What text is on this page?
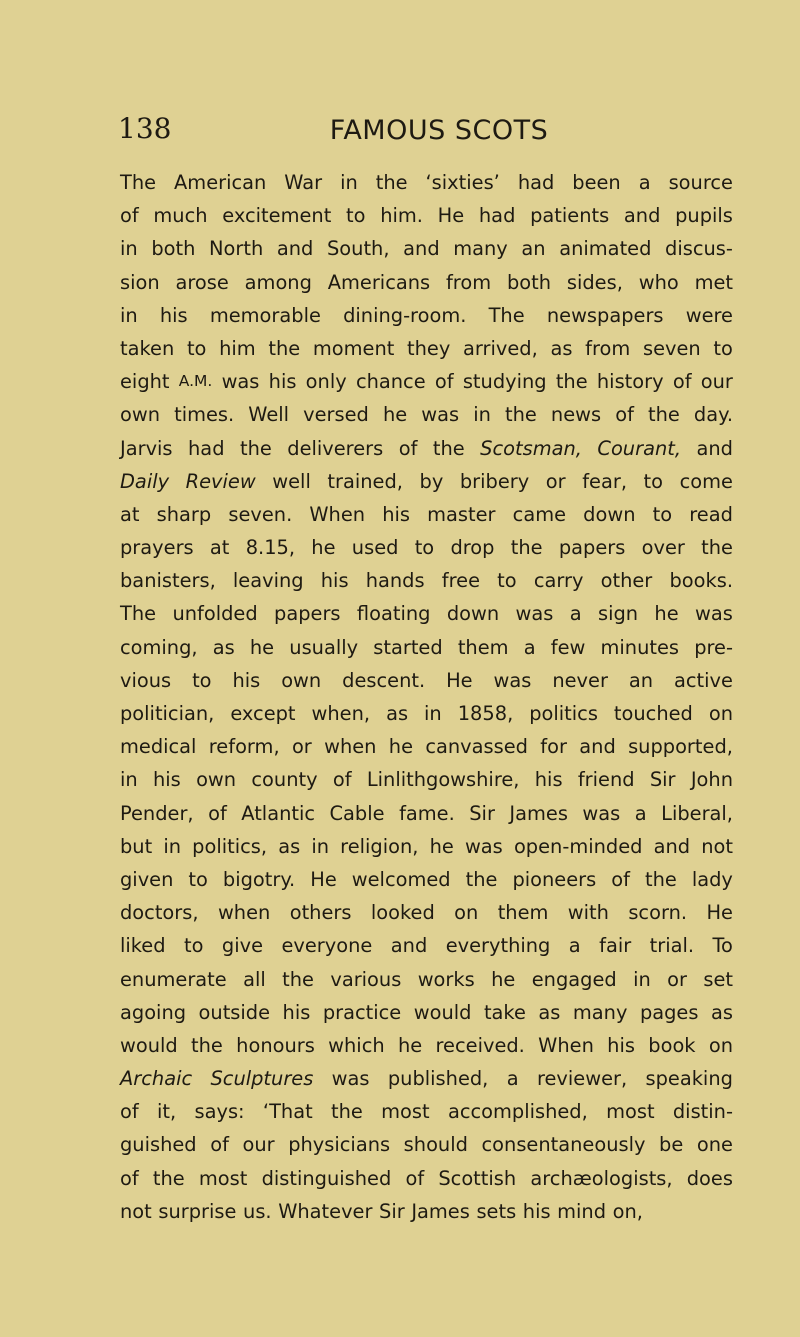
138	FAMOUS SCOTS
The American War in the ‘sixties’ had been a source
of much excitement to him. He had patients and pupils
in both North and South, and many an animated discus-
sion arose among Americans from both sides, who met
in his memorable dining-room. The newspapers were
taken to him the moment they arrived, as from seven to
eight A.M. was his only chance of studying the history of our
own times. Well versed he was in the news of the day.
Jarvis had the deliverers of the Scotsman, Courant, and
Daily Review well trained, by bribery or fear, to come
at sharp seven. When his master came down to read
prayers at 8.15, he used to drop the papers over the
banisters, leaving his hands free to carry other books.
The unfolded papers floating down was a sign he was
coming, as he usually started them a few minutes pre-
vious to his own descent. He was never an active
politician, except when, as in 1858, politics touched on
medical reform, or when he canvassed for and supported,
in his own county of Linlithgowshire, his friend Sir John
Pender, of Atlantic Cable fame. Sir James was a Liberal,
but in politics, as in religion, he was open-minded and not
given to bigotry. He welcomed the pioneers of the lady
doctors, when others looked on them with scorn. He
liked to give everyone and everything a fair trial. To
enumerate all the various works he engaged in or set
agoing outside his practice would take as many pages as
would the honours which he received. When his book on
Archaic Sculptures was published, a reviewer, speaking
of it, says: ‘That the most accomplished, most distin-
guished of our physicians should consentaneously be one
of the most distinguished of Scottish archæologists, does
not surprise us. Whatever Sir James sets his mind on,
